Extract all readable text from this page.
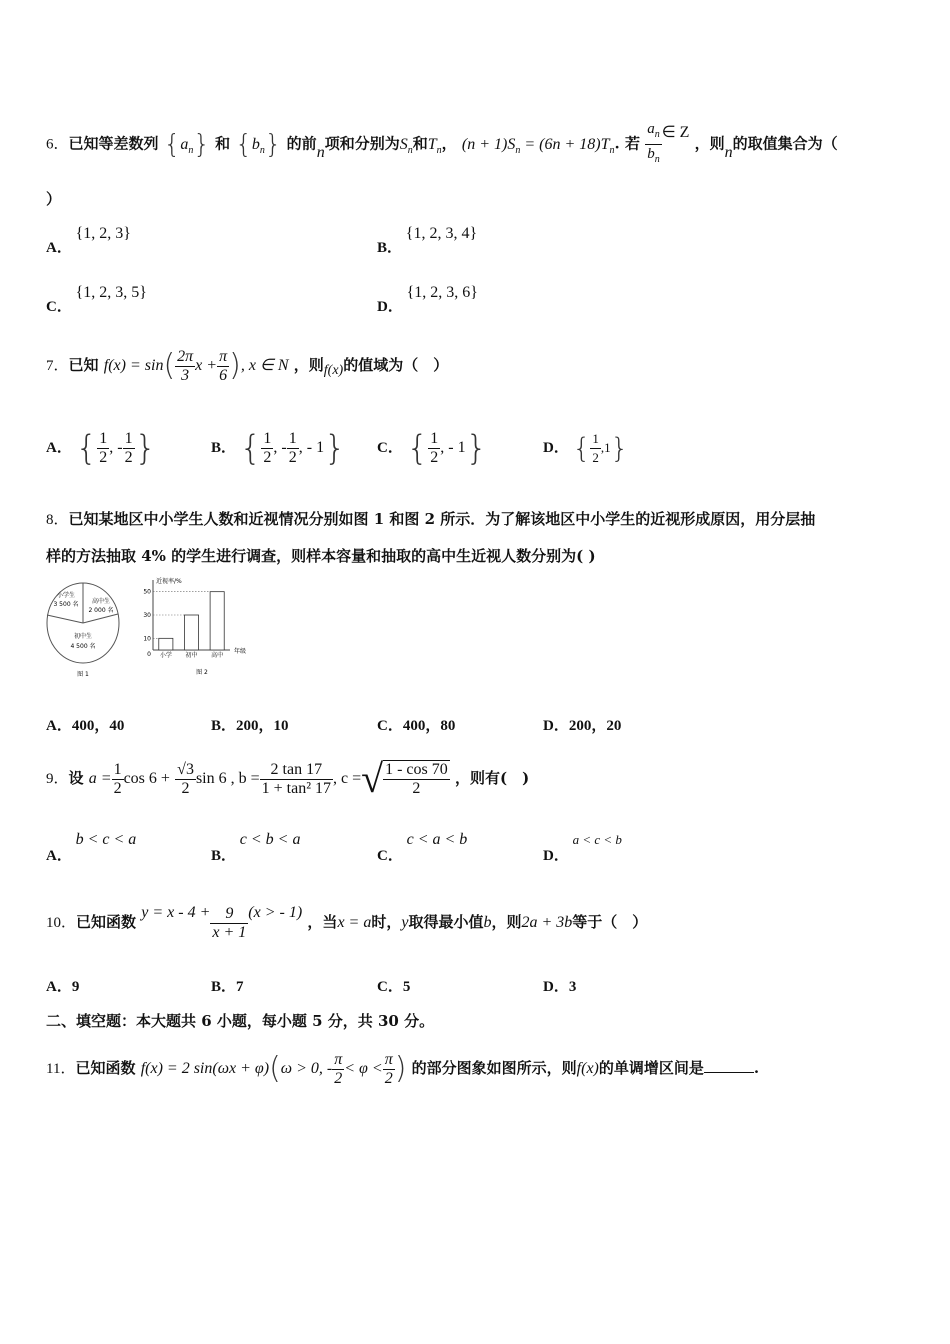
6．已知等差数列 $\{a_n\}$ 和 $\{b_n\}$ 的前n项和分别为$S_n$和$T_n$， $(n + 1)S_n = (6n + 18)T_n$. 若 $\frac{a_n}{b_n}$ ∈ Z ，则n的取值集合为（
）
A． {1, 2, 3}
B． {1, 2, 3, 4}
C． {1, 2, 3, 5}
D． {1, 2, 3, 6}
7．已知 $f(x) = \sin( \frac{2\pi}{3}$ $x + \frac{\pi}{6}$ ), x ∈ N ，则f(x)的值域为（　）
A． { $\frac{1}{2}$ , - $\frac{1}{2}$ }	B． { $\frac{1}{2}$ , - $\frac{1}{2}$ , - 1} C． { $\frac{1}{2}$ , - 1}	D． { $\frac{1}{2} ,1$}
8．已知某地区中小学生人数和近视情况分别如图 1 和图 2 所示．为了解该地区中小学生的近视形成原因，用分层抽
样的方法抽取 4% 的学生进行调查，则样本容量和抽取的高中生近视人数分别为( )
小学生
3 500 名 高中生
2 000 名
初中生
4 500 名
图 1
近视率/%
0	年级
10
30
50
小学 初中 高中
图 2
A．400，40	B．200，10	C．400，80	D．200，20
9．设 $a = \frac{1}{2}$ $\cos 6 + \frac{√3}{2}$ sin 6 , $b = \frac{2 \tan 17}{\text{1 + tan² 17}}$ , c =√ $\frac{1 - \cos 70}{2}$ ，则有(　)
A． b < c < a
B． c < b < a
C． c < a < b
D． a < c < b
10．已知函数 $y = x - 4 + \frac{9}{x + 1} (x$ > - 1) ，当x = a时，y取得最小值b，则2a + 3b等于（　）
A．9	B．7	C．5	D．3
二、填空题：本大题共 6 小题，每小题 5 分，共 30 分。
11．已知函数 f(x) = 2 sin(ωx + φ)(ω > 0, - $\frac{\pi}{2} < \varphi < \frac{\pi}{2}$ ) 的部分图象如图所示，则f(x)的单调增区间是	.
